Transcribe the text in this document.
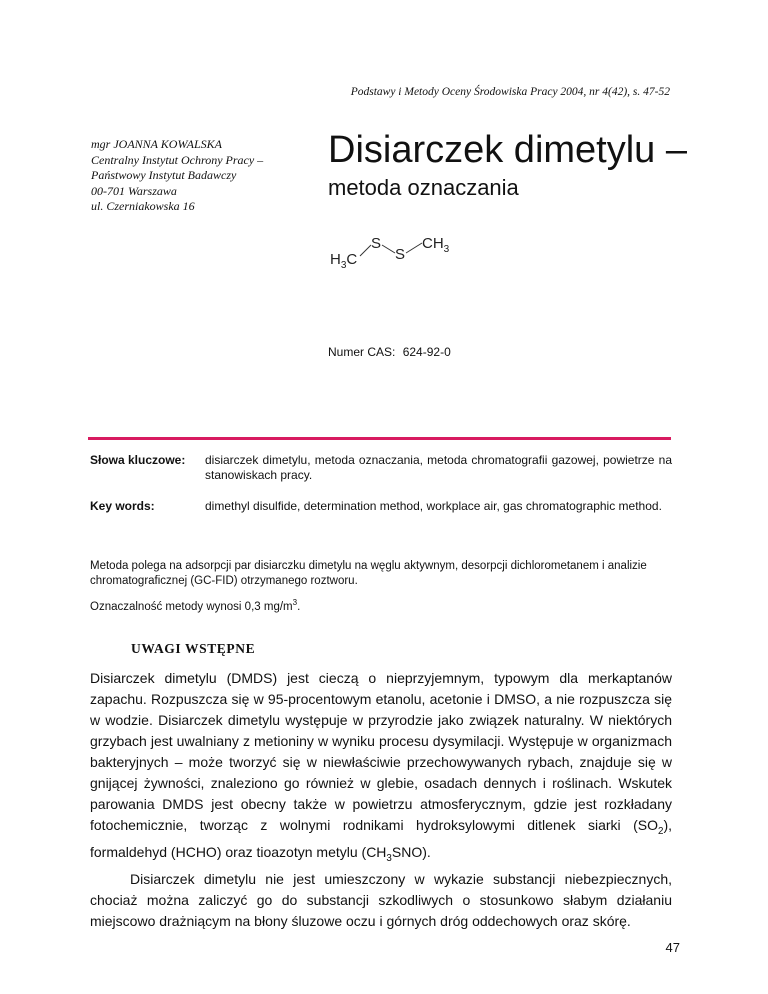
Podstawy i Metody Oceny Środowiska Pracy 2004, nr 4(42), s. 47-52
mgr JOANNA KOWALSKA
Centralny Instytut Ochrony Pracy –
Państwowy Instytut Badawczy
00-701 Warszawa
ul. Czerniakowska 16
Disiarczek dimetylu –
metoda oznaczania
$H_3C$
S
S
$CH_3$
Numer CAS: 624-92-0
Słowa kluczowe:	disiarczek dimetylu, metoda oznaczania, metoda chromatografii gazowej, powietrze na stanowiskach pracy.
Key words:	dimethyl disulfide, determination method, workplace air, gas chromatographic method.

Metoda polega na adsorpcji par disiarczku dimetylu na węglu aktywnym, desorpcji dichlorometanem i analizie chromatograficznej (GC-FID) otrzymanego roztworu.

Oznaczalność metody wynosi 0,3 $mg/m^3$.

UWAGI WSTĘPNE

Disiarczek dimetylu (DMDS) jest cieczą o nieprzyjemnym, typowym dla merkaptanów zapachu. Rozpuszcza się w 95-procentowym etanolu, acetonie i DMSO, a nie rozpuszcza się w wodzie. Disiarczek dimetylu występuje w przyrodzie jako związek naturalny. W niektórych grzybach jest uwalniany z metioniny w wyniku procesu dysymilacji. Występuje w organizmach bakteryjnych – może tworzyć się w niewłaściwie przechowywanych rybach, znajduje się w gnijącej żywności, znaleziono go również w glebie, osadach dennych i roślinach. Wskutek parowania DMDS jest obecny także w powietrzu atmosferycznym, gdzie jest rozkładany fotochemicznie, tworząc z wolnymi rodnikami hydroksylowymi ditlenek siarki $(SO_2)$, formaldehyd (HCHO) oraz tioazotyn metylu $(CH_3SNO)$.

Disiarczek dimetylu nie jest umieszczony w wykazie substancji niebezpiecznych, chociaż można zaliczyć go do substancji szkodliwych o stosunkowo słabym działaniu miejscowo drażniącym na błony śluzowe oczu i górnych dróg oddechowych oraz skórę.

47
